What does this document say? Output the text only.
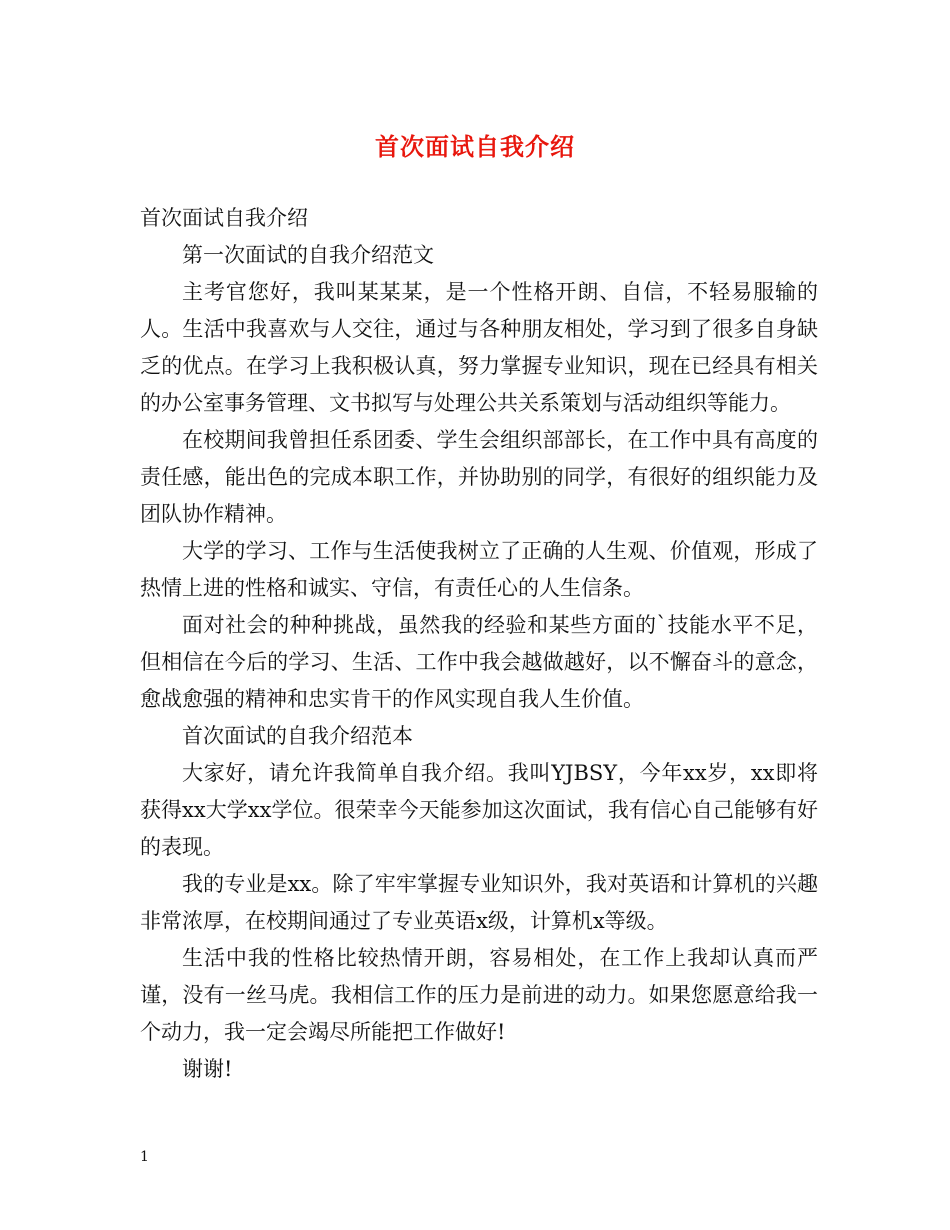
首次面试自我介绍

首次面试自我介绍

第一次面试的自我介绍范文

主考官您好，我叫某某某，是一个性格开朗、自信，不轻易服输的人。生活中我喜欢与人交往，通过与各种朋友相处，学习到了很多自身缺乏的优点。在学习上我积极认真，努力掌握专业知识，现在已经具有相关的办公室事务管理、文书拟写与处理公共关系策划与活动组织等能力。

在校期间我曾担任系团委、学生会组织部部长，在工作中具有高度的责任感，能出色的完成本职工作，并协助别的同学，有很好的组织能力及团队协作精神。

大学的学习、工作与生活使我树立了正确的人生观、价值观，形成了热情上进的性格和诚实、守信，有责任心的人生信条。

面对社会的种种挑战，虽然我的经验和某些方面的`技能水平不足，但相信在今后的学习、生活、工作中我会越做越好，以不懈奋斗的意念，愈战愈强的精神和忠实肯干的作风实现自我人生价值。

首次面试的自我介绍范本

大家好，请允许我简单自我介绍。我叫YJBSY，今年xx岁，xx即将获得xx大学xx学位。很荣幸今天能参加这次面试，我有信心自己能够有好的表现。

我的专业是xx。除了牢牢掌握专业知识外，我对英语和计算机的兴趣非常浓厚，在校期间通过了专业英语x级，计算机x等级。

生活中我的性格比较热情开朗，容易相处，在工作上我却认真而严谨，没有一丝马虎。我相信工作的压力是前进的动力。如果您愿意给我一个动力，我一定会竭尽所能把工作做好!

谢谢!

1
